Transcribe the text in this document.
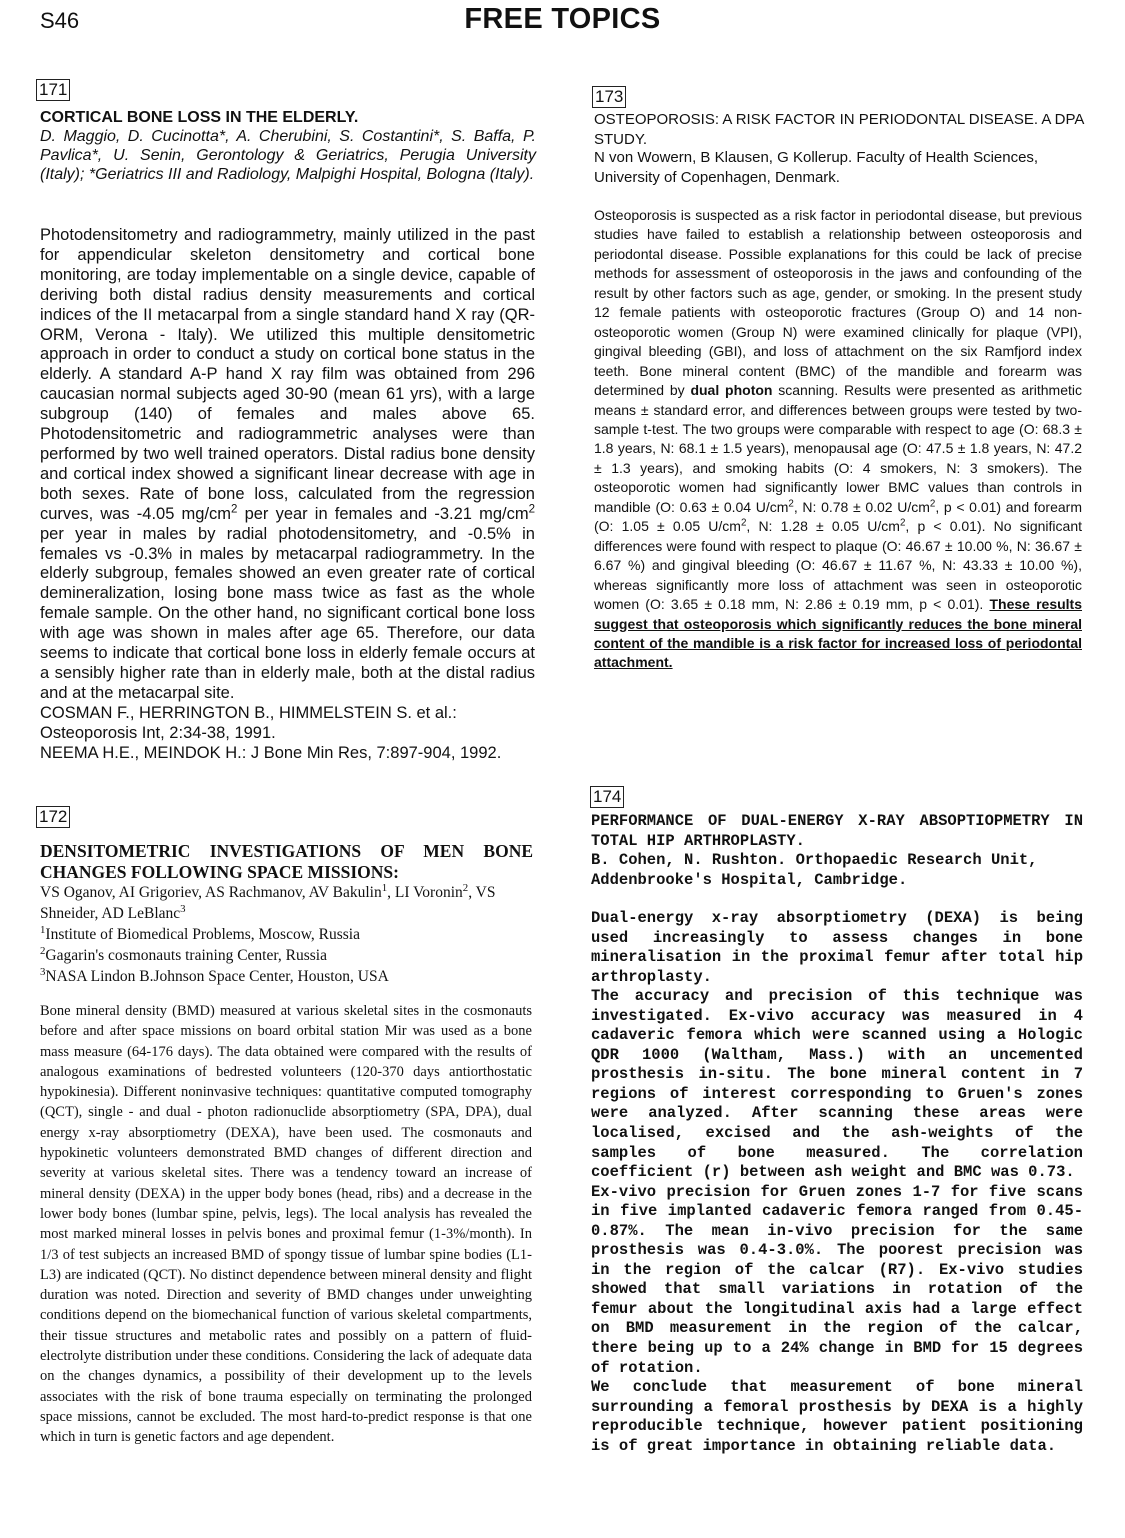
S46	FREE TOPICS
171
CORTICAL BONE LOSS IN THE ELDERLY.
D. Maggio, D. Cucinotta*, A. Cherubini, S. Costantini*, S. Baffa, P. Pavlica*, U. Senin, Gerontology & Geriatrics, Perugia University (Italy); *Geriatrics III and Radiology, Malpighi Hospital, Bologna (Italy).
Photodensitometry and radiogrammetry, mainly utilized in the past for appendicular skeleton densitometry and cortical bone monitoring, are today implementable on a single device, capable of deriving both distal radius density measurements and cortical indices of the II metacarpal from a single standard hand X ray (QR-ORM, Verona - Italy). We utilized this multiple densitometric approach in order to conduct a study on cortical bone status in the elderly. A standard A-P hand X ray film was obtained from 296 caucasian normal subjects aged 30-90 (mean 61 yrs), with a large subgroup (140) of females and males above 65. Photodensitometric and radiogrammetric analyses were than performed by two well trained operators. Distal radius bone density and cortical index showed a significant linear decrease with age in both sexes. Rate of bone loss, calculated from the regression curves, was -4.05 $mg/cm^2$ per year in females and -3.21 $mg/cm^2$ per year in males by radial photodensitometry, and -0.5% in females vs -0.3% in males by metacarpal radiogrammetry. In the elderly subgroup, females showed an even greater rate of cortical demineralization, losing bone mass twice as fast as the whole female sample. On the other hand, no significant cortical bone loss with age was shown in males after age 65. Therefore, our data seems to indicate that cortical bone loss in elderly female occurs at a sensibly higher rate than in elderly male, both at the distal radius and at the metacarpal site.
COSMAN F., HERRINGTON B., HIMMELSTEIN S. et al.: Osteoporosis Int, 2:34-38, 1991.
NEEMA H.E., MEINDOK H.: J Bone Min Res, 7:897-904, 1992.
172
DENSITOMETRIC INVESTIGATIONS OF MEN BONE CHANGES FOLLOWING SPACE MISSIONS:
VS Oganov, AI Grigoriev, AS Rachmanov, AV Bakulin$^1$, LI Voronin$^2$, VS Shneider, AD LeBlanc$^3$
$^1$Institute of Biomedical Problems, Moscow, Russia
$^2$Gagarin's cosmonauts training Center, Russia
$^3$NASA Lindon B.Johnson Space Center, Houston, USA
Bone mineral density (BMD) measured at various skeletal sites in the cosmonauts before and after space missions on board orbital station Mir was used as a bone mass measure (64-176 days). The data obtained were compared with the results of analogous examinations of bedrested volunteers (120-370 days antiorthostatic hypokinesia). Different noninvasive techniques: quantitative computed tomography (QCT), single - and dual - photon radionuclide absorptiometry (SPA, DPA), dual energy x-ray absorptiometry (DEXA), have been used. The cosmonauts and hypokinetic volunteers demonstrated BMD changes of different direction and severity at various skeletal sites. There was a tendency toward an increase of mineral density (DEXA) in the upper body bones (head, ribs) and a decrease in the lower body bones (lumbar spine, pelvis, legs). The local analysis has revealed the most marked mineral losses in pelvis bones and proximal femur (1-3%/month). In 1/3 of test subjects an increased BMD of spongy tissue of lumbar spine bodies (L1-L3) are indicated (QCT). No distinct dependence between mineral density and flight duration was noted. Direction and severity of BMD changes under unweighting conditions depend on the biomechanical function of various skeletal compartments, their tissue structures and metabolic rates and possibly on a pattern of fluid-electrolyte distribution under these conditions. Considering the lack of adequate data on the changes dynamics, a possibility of their development up to the levels associates with the risk of bone trauma especially on terminating the prolonged space missions, cannot be excluded. The most hard-to-predict response is that one which in turn is genetic factors and age dependent.
173
OSTEOPOROSIS: A RISK FACTOR IN PERIODONTAL DISEASE. A DPA STUDY.
N von Wowern, B Klausen, G Kollerup. Faculty of Health Sciences, University of Copenhagen, Denmark.
Osteoporosis is suspected as a risk factor in periodontal disease, but previous studies have failed to establish a relationship between osteoporosis and periodontal disease. Possible explanations for this could be lack of precise methods for assessment of osteoporosis in the jaws and confounding of the result by other factors such as age, gender, or smoking. In the present study 12 female patients with osteoporotic fractures (Group O) and 14 non-osteoporotic women (Group N) were examined clinically for plaque (VPI), gingival bleeding (GBI), and loss of attachment on the six Ramfjord index teeth. Bone mineral content (BMC) of the mandible and forearm was determined by dual photon scanning. Results were presented as arithmetic means ± standard error, and differences between groups were tested by two-sample t-test. The two groups were comparable with respect to age (O: 68.3 ± 1.8 years, N: 68.1 ± 1.5 years), menopausal age (O: 47.5 ± 1.8 years, N: 47.2 ± 1.3 years), and smoking habits (O: 4 smokers, N: 3 smokers). The osteoporotic women had significantly lower BMC values than controls in mandible (O: 0.63 ± 0.04 $U/cm^2$, N: 0.78 ± 0.02 $U/cm^2$, p < 0.01) and forearm (O: 1.05 ± 0.05 $U/cm^2$, N: 1.28 ± 0.05 $U/cm^2$, p < 0.01). No significant differences were found with respect to plaque (O: 46.67 ± 10.00 %, N: 36.67 ± 6.67 %) and gingival bleeding (O: 46.67 ± 11.67 %, N: 43.33 ± 10.00 %), whereas significantly more loss of attachment was seen in osteoporotic women (O: 3.65 ± 0.18 mm, N: 2.86 ± 0.19 mm, p < 0.01). These results suggest that osteoporosis which significantly reduces the bone mineral content of the mandible is a risk factor for increased loss of periodontal attachment.
174
PERFORMANCE OF DUAL-ENERGY X-RAY ABSOPTIOPMETRY IN TOTAL HIP ARTHROPLASTY.
B. Cohen, N. Rushton. Orthopaedic Research Unit, Addenbrooke's Hospital, Cambridge.
Dual-energy x-ray absorptiometry (DEXA) is being used increasingly to assess changes in bone mineralisation in the proximal femur after total hip arthroplasty.
The accuracy and precision of this technique was investigated. Ex-vivo accuracy was measured in 4 cadaveric femora which were scanned using a Hologic QDR 1000 (Waltham, Mass.) with an uncemented prosthesis in-situ. The bone mineral content in 7 regions of interest corresponding to Gruen's zones were analyzed. After scanning these areas were localised, excised and the ash-weights of the samples of bone measured. The correlation coefficient (r) between ash weight and BMC was 0.73.
Ex-vivo precision for Gruen zones 1-7 for five scans in five implanted cadaveric femora ranged from 0.45-0.87%. The mean in-vivo precision for the same prosthesis was 0.4-3.0%. The poorest precision was in the region of the calcar (R7). Ex-vivo studies showed that small variations in rotation of the femur about the longitudinal axis had a large effect on BMD measurement in the region of the calcar, there being up to a 24% change in BMD for 15 degrees of rotation.
We conclude that measurement of bone mineral surrounding a femoral prosthesis by DEXA is a highly reproducible technique, however patient positioning is of great importance in obtaining reliable data.
